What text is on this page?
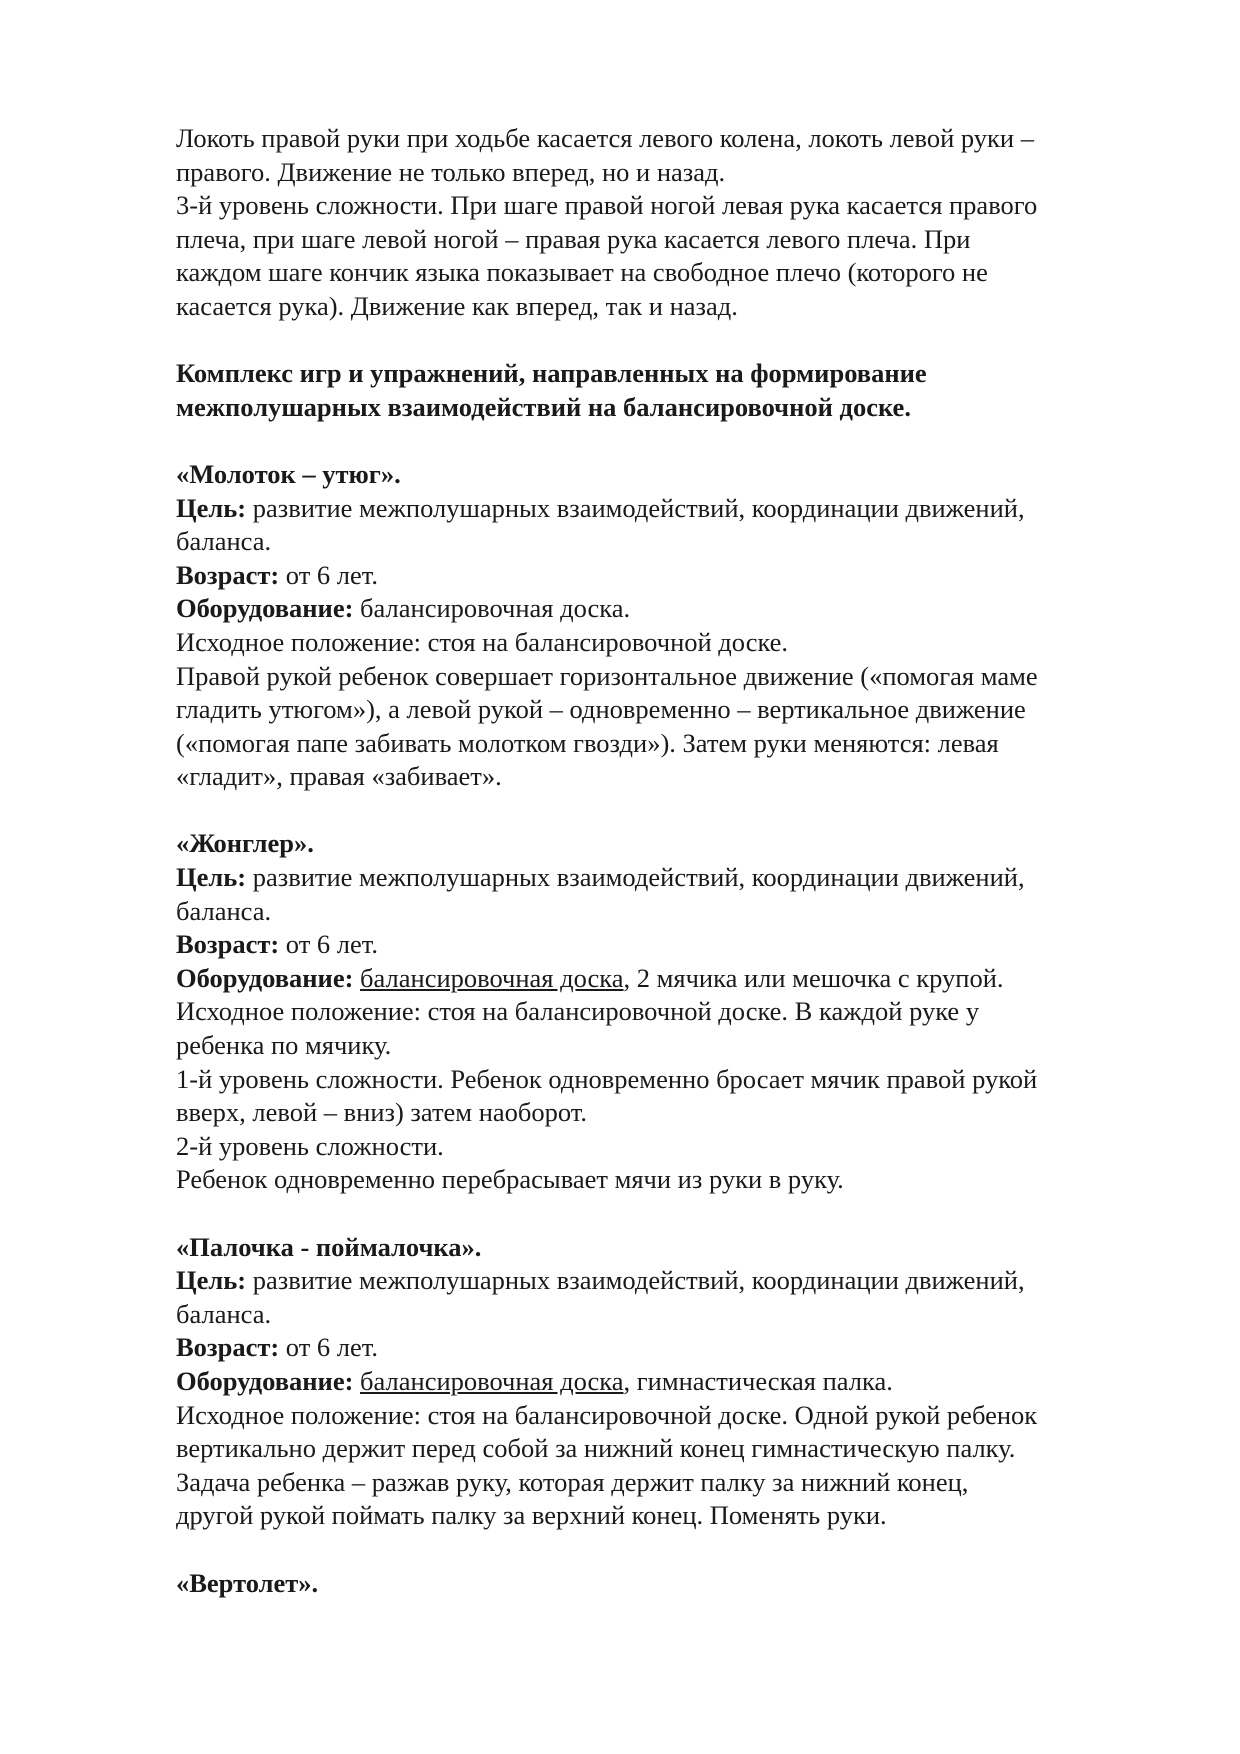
Локоть правой руки при ходьбе касается левого колена, локоть левой руки –
правого. Движение не только вперед, но и назад.
3-й уровень сложности. При шаге правой ногой левая рука касается правого
плеча, при шаге левой ногой – правая рука касается левого плеча. При
каждом шаге кончик языка показывает на свободное плечо (которого не
касается рука). Движение как вперед, так и назад.
Комплекс игр и упражнений, направленных на формирование
межполушарных взаимодействий на балансировочной доске.
«Молоток – утюг».
Цель: развитие межполушарных взаимодействий, координации движений,
баланса.
Возраст: от 6 лет.
Оборудование: балансировочная доска.
Исходное положение: стоя на балансировочной доске.
Правой рукой ребенок совершает горизонтальное движение («помогая маме
гладить утюгом»), а левой рукой – одновременно – вертикальное движение
(«помогая папе забивать молотком гвозди»). Затем руки меняются: левая
«гладит», правая «забивает».
«Жонглер».
Цель: развитие межполушарных взаимодействий, координации движений,
баланса.
Возраст: от 6 лет.
Оборудование: балансировочная доска, 2 мячика или мешочка с крупой.
Исходное положение: стоя на балансировочной доске. В каждой руке у
ребенка по мячику.
1-й уровень сложности. Ребенок одновременно бросает мячик правой рукой
вверх, левой – вниз) затем наоборот.
2-й уровень сложности.
Ребенок одновременно перебрасывает мячи из руки в руку.
«Палочка - поймалочка».
Цель: развитие межполушарных взаимодействий, координации движений,
баланса.
Возраст: от 6 лет.
Оборудование: балансировочная доска, гимнастическая палка.
Исходное положение: стоя на балансировочной доске. Одной рукой ребенок
вертикально держит перед собой за нижний конец гимнастическую палку.
Задача ребенка – разжав руку, которая держит палку за нижний конец,
другой рукой поймать палку за верхний конец. Поменять руки.
«Вертолет».
